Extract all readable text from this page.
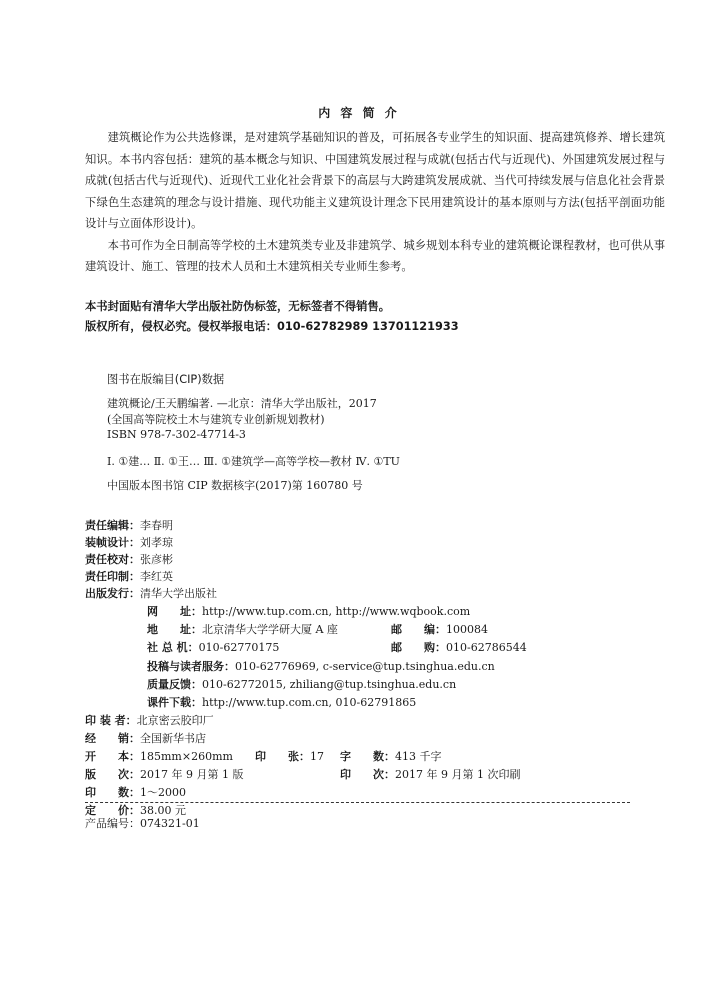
内 容 简 介

建筑概论作为公共选修课，是对建筑学基础知识的普及，可拓展各专业学生的知识面、提高建筑修养、增长建筑知识。本书内容包括：建筑的基本概念与知识、中国建筑发展过程与成就(包括古代与近现代)、外国建筑发展过程与成就(包括古代与近现代)、近现代工业化社会背景下的高层与大跨建筑发展成就、当代可持续发展与信息化社会背景下绿色生态建筑的理念与设计措施、现代功能主义建筑设计理念下民用建筑设计的基本原则与方法(包括平剖面功能设计与立面体形设计)。

本书可作为全日制高等学校的土木建筑类专业及非建筑学、城乡规划本科专业的建筑概论课程教材，也可供从事建筑设计、施工、管理的技术人员和土木建筑相关专业师生参考。

本书封面贴有清华大学出版社防伪标签，无标签者不得销售。
版权所有，侵权必究。侵权举报电话：010-62782989 13701121933
图书在版编目(CIP)数据
建筑概论/王天鹏编著. —北京：清华大学出版社，2017
(全国高等院校土木与建筑专业创新规划教材)
ISBN 978-7-302-47714-3
Ⅰ. ①建… Ⅱ. ①王… Ⅲ. ①建筑学—高等学校—教材 Ⅳ. ①TU
中国版本图书馆 CIP 数据核字(2017)第 160780 号
责任编辑：李春明
装帧设计：刘孝琼
责任校对：张彦彬
责任印制：李红英
出版发行：清华大学出版社
网　　址：http://www.tup.com.cn, http://www.wqbook.com
地　　址：北京清华大学学研大厦 A 座	邮　　编：100084
社 总 机：010-62770175	邮　　购：010-62786544
投稿与读者服务：010-62776969, c-service@tup.tsinghua.edu.cn
质量反馈：010-62772015, zhiliang@tup.tsinghua.edu.cn
课件下载：http://www.tup.com.cn, 010-62791865
印 装 者：北京密云胶印厂
经　　销：全国新华书店
开　　本：185mm×260mm 印　　张：17 字　　数：413 千字
版　　次：2017 年 9 月第 1 版	印　　次：2017 年 9 月第 1 次印刷
印　　数：1～2000
定　　价：38.00 元
产品编号：074321-01
